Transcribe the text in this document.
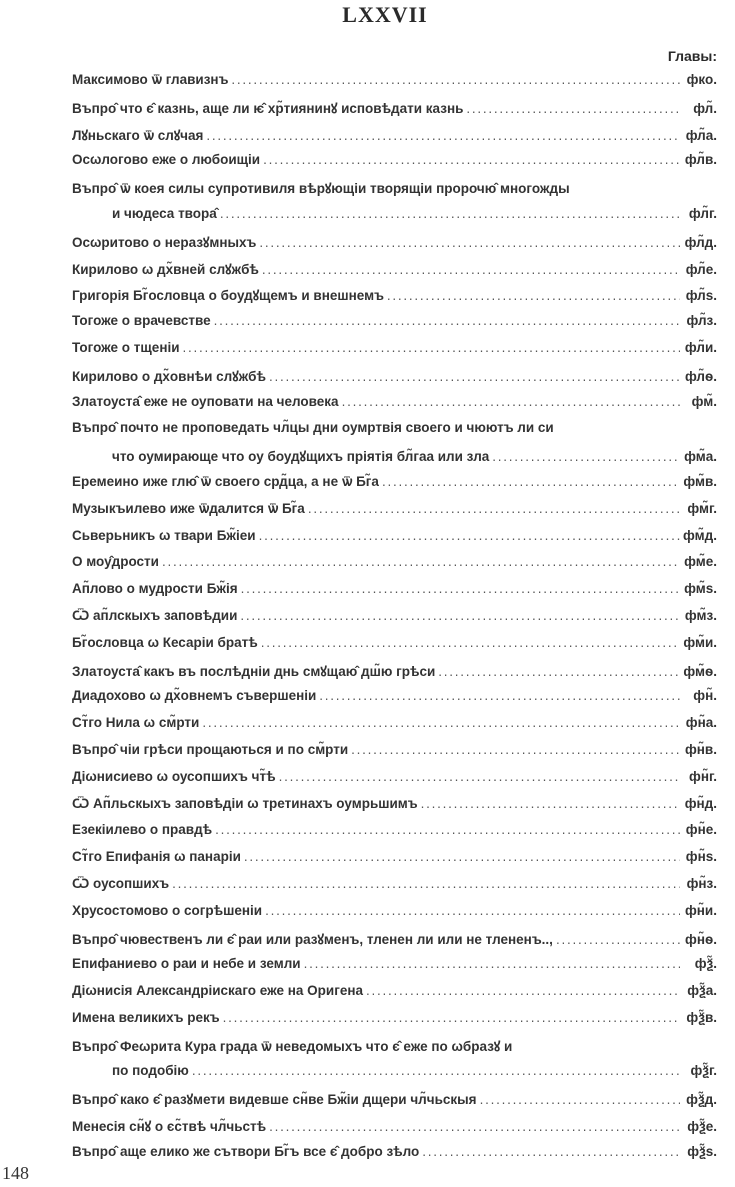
LXXVII
Главы:
Максимово ѿ главизнъ . . .	фко.
Въпро̂ что є̂ казнь, аще ли ѥ̂ хр̃тиянинꙋ исповѣдати казнь . . .	фл̃.
Лꙋньскаго ѿ слꙋчая . . .	фл̃а.
Осωлогово еже о любоищiи . . .	фл̃в.
Въпро̂ ѿ коея силы супротивиля вѣрꙋющiи творящiи пророчю̂ многожды
и чюдеса твора̂ . . .	фл̃г.
Осωритово о неразꙋмныхъ . . .	фл̃д.
Кирилово ω дх̃вней слꙋжбѣ . . .	фл̃е.
Григорiя Бг̃ословца о боудꙋщемъ и внешнемъ . . .	фл̃ѕ.
Тогоже о врачевстве . . .	фл̃з.
Тогоже о тщенiи . . .	фл̃и.
Кирилово о дх̃овнѣи слꙋжбѣ . . .	фл̃ѳ.
Златоуста̂ еже не оуповати на человека . . .	фм̃.
Въпро̂ почто не проповедать чл̃цы дни оумртвiя своего и чюютъ ли си
что оумирающе что оу боудꙋщихъ прiятiя бл̃гаа или зла . . .	фм̃а.
Еремеино иже глю̂ ѿ своего срд̃ца, а не ѿ Бг̃а . . .	фм̃в.
Музыкъилево иже ѿдалится ѿ Бг̃а . . .	фм̃г.
Сьверьникъ ω твари Бж̃iеи . . .	фм̃д.
О моу̂дрости . . .	фм̃е.
Ап̃лово о мудрости Бж̃iя . . .	фм̃ѕ.
Ѿ ап̃лскыхъ заповѣдии . . .	фм̃з.
Бг̃ословца ω Кесарiи братѣ . . .	фм̃и.
Златоуста̂ какъ въ послѣднiи днь смꙋщаю̂ дш̃ю грѣси . . .	фм̃ѳ.
Диадохово ω дх̃овнемъ съвершенiи . . .	фн̃.
Ст̃го Нила ω см̃рти . . .	фн̃а.
Въпро̂ чiи грѣси прощаються и по см̃рти . . .	фн̃в.
Дiωнисиево ω оусопшихъ чт̃ѣ . . .	фн̃г.
Ѿ Ап̃льскыхъ заповѣдiи ω третинахъ оумрьшимъ . . .	фн̃д.
Езекiилево о правдѣ . . .	фн̃е.
Ст̃го Епифанiя ω панарiи . . .	фн̃ѕ.
Ѿ оусопшихъ . . .	фн̃з.
Хрусостомово о согрѣшенiи . . .	фн̃и.
Въпро̂ чювественъ ли є̂ раи или разꙋменъ, тленен ли или не тлененъ.., . . .	фн̃ѳ.
Епифаниево о раи и небе и земли . . .	фѯ̃.
Дiωнисiя Александрiискаго еже на Оригена . . .	фѯ̃а.
Имена великихъ рекъ . . .	фѯ̃в.
Въпро̂ Феωрита Кура града ѿ неведомыхъ что є̂ еже по ωбразꙋ и
по подобiю . . .	фѯ̃г.
Въпро̂ како є̂ разꙋмети видевше сн̃ве Бж̃iи дщери чл̃чьскыя . . .	фѯ̃д.
Менесiя сн̃ꙋ о єс̃твѣ чл̃чьстѣ . . .	фѯ̃е.
Въпро̂ аще елико же сътвори Бг̃ъ все є̂ добро зѣло . . .	фѯ̃ѕ.
148
